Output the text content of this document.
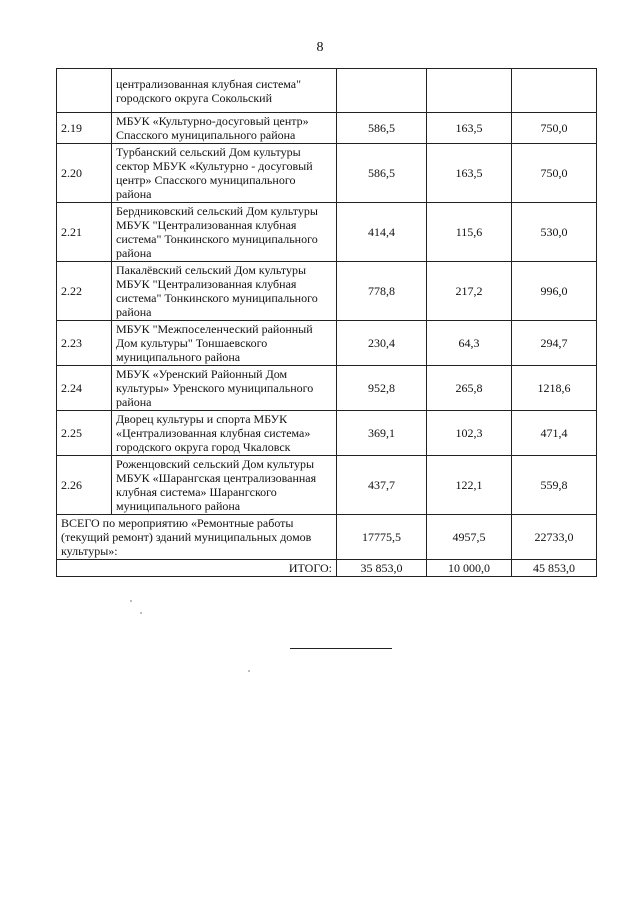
8
	централизованная клубная система" городского округа Сокольский			
2.19	МБУК «Культурно-досуговый центр» Спасского муниципального района	586,5	163,5	750,0
2.20	Турбанский сельский Дом культуры сектор МБУК «Культурно - досуговый центр» Спасского муниципального района	586,5	163,5	750,0
2.21	Бердниковский сельский Дом культуры МБУК "Централизованная клубная система" Тонкинского муниципального района	414,4	115,6	530,0
2.22	Пакалёвский сельский Дом культуры МБУК "Централизованная клубная система" Тонкинского муниципального района	778,8	217,2	996,0
2.23	МБУК "Межпоселенческий районный Дом культуры" Тоншаевского муниципального района	230,4	64,3	294,7
2.24	МБУК «Уренский Районный Дом культуры» Уренского муниципального района	952,8	265,8	1218,6
2.25	Дворец культуры и спорта МБУК «Централизованная клубная система» городского округа город Чкаловск	369,1	102,3	471,4
2.26	Роженцовский сельский Дом культуры МБУК «Шарангская централизованная клубная система» Шарангского муниципального района	437,7	122,1	559,8
ВСЕГО по мероприятию «Ремонтные работы (текущий ремонт) зданий муниципальных домов культуры»:		17775,5	4957,5	22733,0
ИТОГО:		35 853,0	10 000,0	45 853,0
